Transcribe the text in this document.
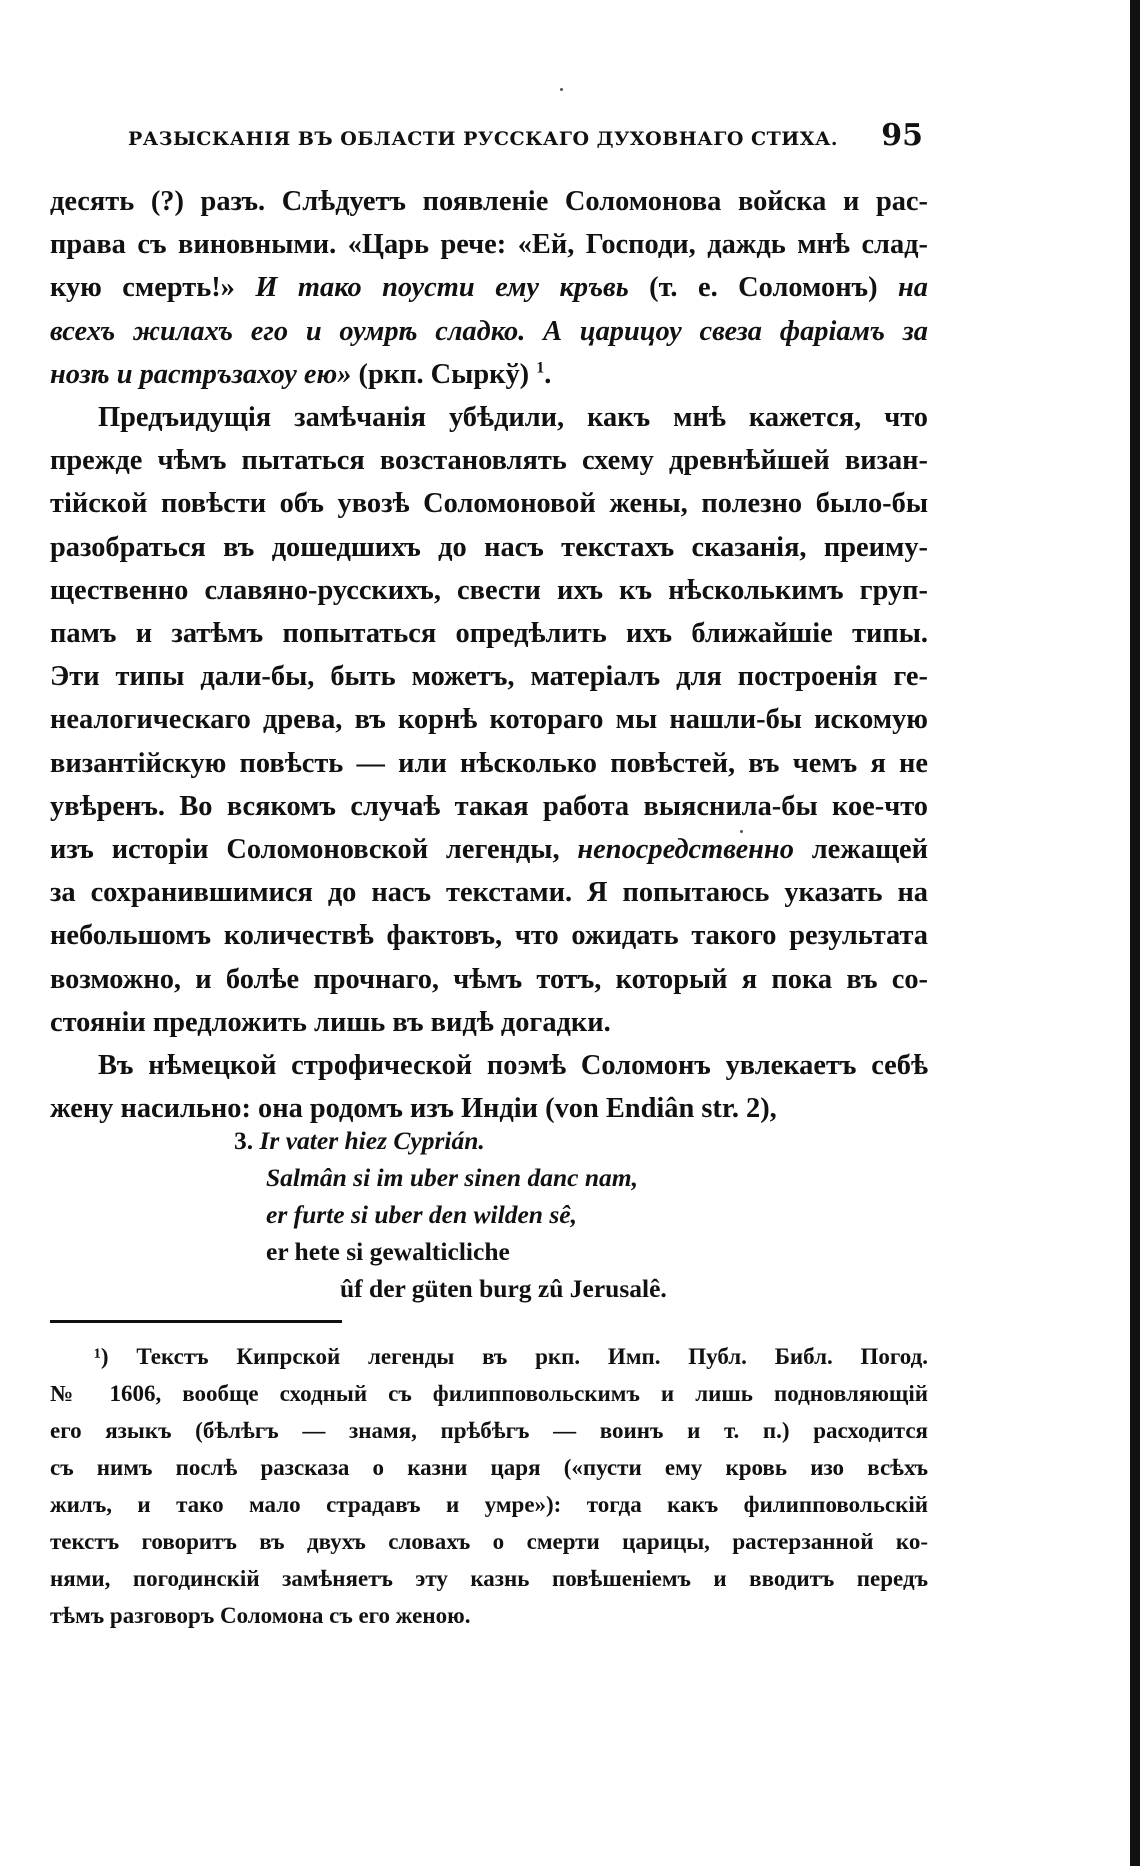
РАЗЫСКАНІЯ ВЪ ОБЛАСТИ РУССКАГО ДУХОВНАГО СТИХА. 95
десять (?) разъ. Слѣдуетъ появленіе Соломонова войска и рас-
права съ виновными. «Царь рече: «Ей, Господи, даждь мнѣ слад-
кую смерть!» И тако поусти ему кръвь (т. е. Соломонъ) на
всехъ жилахъ его и оумрѣ сладко. А царицоу свеза фаріамъ за
нозѣ и растръзахоу ею» (ркп. Сыркў) $^1$.
Предъидущія замѣчанія убѣдили, какъ мнѣ кажется, что
прежде чѣмъ пытаться возстановлять схему древнѣйшей визан-
тійской повѣсти объ увозѣ Соломоновой жены, полезно было-бы
разобраться въ дошедшихъ до насъ текстахъ сказанія, преиму-
щественно славяно-русскихъ, свести ихъ къ нѣсколькимъ груп-
памъ и затѣмъ попытаться опредѣлить ихъ ближайшіе типы.
Эти типы дали-бы, быть можетъ, матеріалъ для построенія ге-
неалогическаго древа, въ корнѣ котораго мы нашли-бы искомую
византійскую повѣсть — или нѣсколько повѣстей, въ чемъ я не
увѣренъ. Во всякомъ случаѣ такая работа выяснила-бы кое-что
изъ исторіи Соломоновской легенды, непосредственно лежащей
за сохранившимися до насъ текстами. Я попытаюсь указать на
небольшомъ количествѣ фактовъ, что ожидать такого результата
возможно, и болѣе прочнаго, чѣмъ тотъ, который я пока въ со-
стояніи предложить лишь въ видѣ догадки.
Въ нѣмецкой строфической поэмѣ Соломонъ увлекаетъ себѣ
жену насильно: она родомъ изъ Индіи (von Endiân str. 2),
3. Ir vater hiez Cyprián.
Salmân si im uber sinen danc nam,
er furte si uber den wilden sê,
er hete si gewalticliche
ûf der güten burg zû Jerusalê.
¹) Текстъ Кипрской легенды въ ркп. Имп. Публ. Библ. Погод.
№ 1606, вообще сходный съ филипповольскимъ и лишь подновляющій
его языкъ (бѣлѣгъ — знамя, прѣбѣгъ — воинъ и т. п.) расходится
съ нимъ послѣ разсказа о казни царя («пусти ему кровь изо всѣхъ
жилъ, и тако мало страдавъ и умре»): тогда какъ филипповольскій
текстъ говоритъ въ двухъ словахъ о смерти царицы, растерзанной ко-
нями, погодинскій замѣняетъ эту казнь повѣшеніемъ и вводитъ передъ
тѣмъ разговоръ Соломона съ его женою.
